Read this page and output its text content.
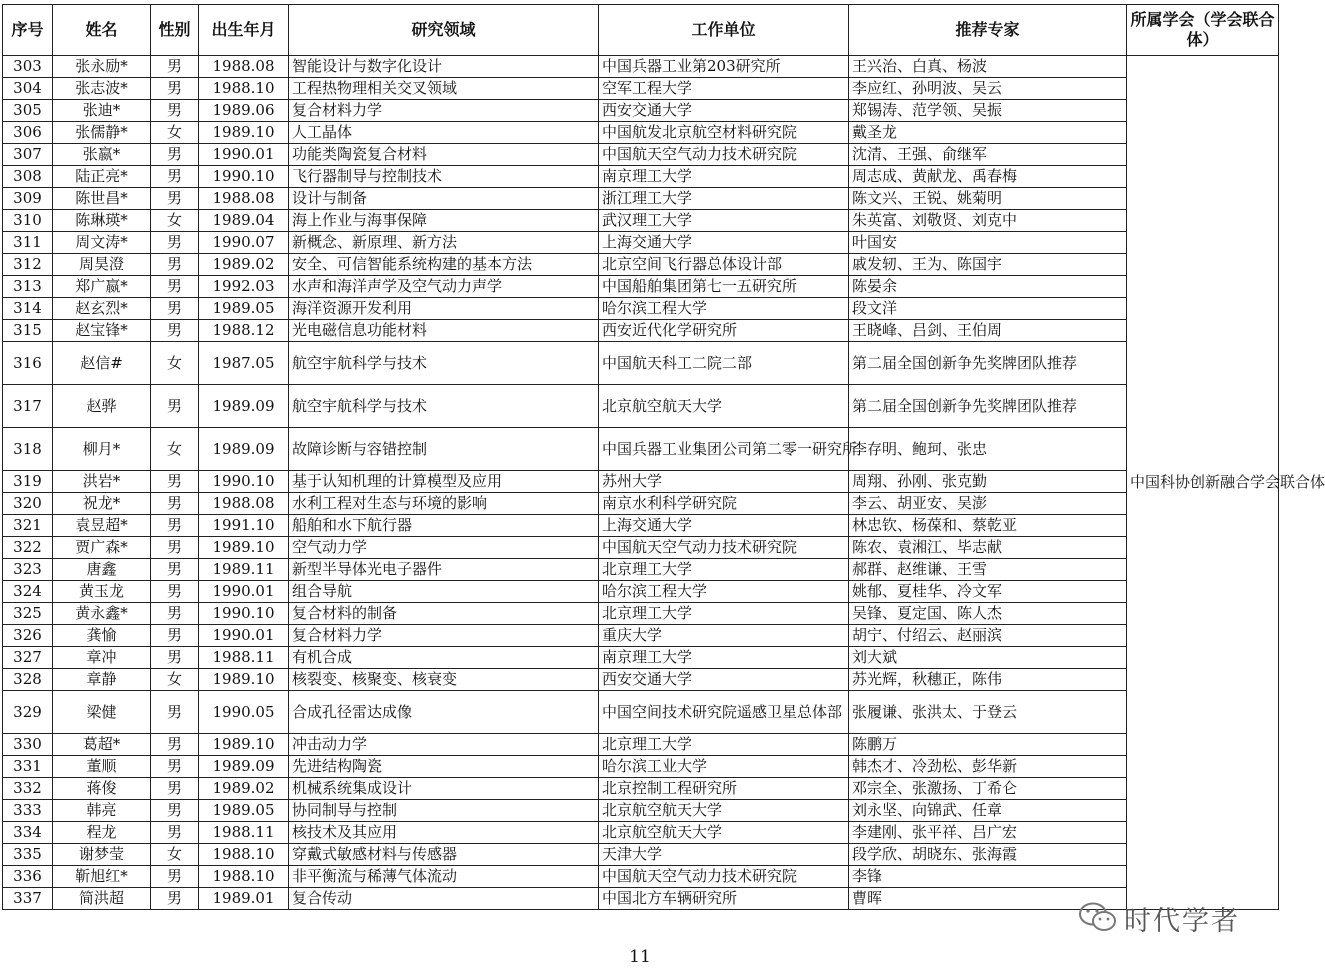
序号	姓名	性别	出生年月	研究领域	工作单位	推荐专家	所属学会（学会联合体）
303	张永励*	男	1988.08	智能设计与数字化设计	中国兵器工业第203研究所	王兴治、白真、杨波	中国科协创新融合学会联合体
304	张志波*	男	1988.10	工程热物理相关交叉领域	空军工程大学	李应红、孙明波、吴云	
305	张迪*	男	1989.06	复合材料力学	西安交通大学	郑锡涛、范学领、吴振	
306	张儒静*	女	1989.10	人工晶体	中国航发北京航空材料研究院	戴圣龙	
307	张嬴*	男	1990.01	功能类陶瓷复合材料	中国航天空气动力技术研究院	沈清、王强、俞继军	
308	陆正亮*	男	1990.10	飞行器制导与控制技术	南京理工大学	周志成、黄献龙、禹春梅	
309	陈世昌*	男	1988.08	设计与制备	浙江理工大学	陈文兴、王锐、姚菊明	
310	陈琳瑛*	女	1989.04	海上作业与海事保障	武汉理工大学	朱英富、刘敬贤、刘克中	
311	周文涛*	男	1990.07	新概念、新原理、新方法	上海交通大学	叶国安	
312	周昊澄	男	1989.02	安全、可信智能系统构建的基本方法	北京空间飞行器总体设计部	戚发轫、王为、陈国宇	
313	郑广嬴*	男	1992.03	水声和海洋声学及空气动力声学	中国船舶集团第七一五研究所	陈晏余	
314	赵玄烈*	男	1989.05	海洋资源开发利用	哈尔滨工程大学	段文洋	
315	赵宝锋*	男	1988.12	光电磁信息功能材料	西安近代化学研究所	王晓峰、吕剑、王伯周	
316	赵信#	女	1987.05	航空宇航科学与技术	中国航天科工二院二部	第二届全国创新争先奖牌团队推荐	
317	赵骅	男	1989.09	航空宇航科学与技术	北京航空航天大学	第二届全国创新争先奖牌团队推荐	
318	柳月*	女	1989.09	故障诊断与容错控制	中国兵器工业集团公司第二零一研究所	李存明、鲍珂、张忠	
319	洪岩*	男	1990.10	基于认知机理的计算模型及应用	苏州大学	周翔、孙刚、张克勤	
320	祝龙*	男	1988.08	水利工程对生态与环境的影响	南京水利科学研究院	李云、胡亚安、吴澎	
321	袁昱超*	男	1991.10	船舶和水下航行器	上海交通大学	林忠钦、杨葆和、蔡乾亚	
322	贾广森*	男	1989.10	空气动力学	中国航天空气动力技术研究院	陈农、袁湘江、毕志献	
323	唐鑫	男	1989.11	新型半导体光电子器件	北京理工大学	郝群、赵维谦、王雪	
324	黄玉龙	男	1990.01	组合导航	哈尔滨工程大学	姚郁、夏桂华、冷文军	
325	黄永鑫*	男	1990.10	复合材料的制备	北京理工大学	吴锋、夏定国、陈人杰	
326	龚愉	男	1990.01	复合材料力学	重庆大学	胡宁、付绍云、赵丽滨	
327	章冲	男	1988.11	有机合成	南京理工大学	刘大斌	
328	章静	女	1989.10	核裂变、核聚变、核衰变	西安交通大学	苏光辉，秋穗正，陈伟	
329	梁健	男	1990.05	合成孔径雷达成像	中国空间技术研究院遥感卫星总体部	张履谦、张洪太、于登云	
330	葛超*	男	1989.10	冲击动力学	北京理工大学	陈鹏万	
331	董顺	男	1989.09	先进结构陶瓷	哈尔滨工业大学	韩杰才、冷劲松、彭华新	
332	蒋俊	男	1989.02	机械系统集成设计	北京控制工程研究所	邓宗全、张激扬、丁希仑	
333	韩亮	男	1989.05	协同制导与控制	北京航空航天大学	刘永坚、向锦武、任章	
334	程龙	男	1988.11	核技术及其应用	北京航空航天大学	李建刚、张平祥、吕广宏	
335	谢梦莹	女	1988.10	穿戴式敏感材料与传感器	天津大学	段学欣、胡晓东、张海霞	
336	靳旭红*	男	1988.10	非平衡流与稀薄气体流动	中国航天空气动力技术研究院	李锋	
337	简洪超	男	1989.01	复合传动	中国北方车辆研究所	曹晖	
11
时代学者
